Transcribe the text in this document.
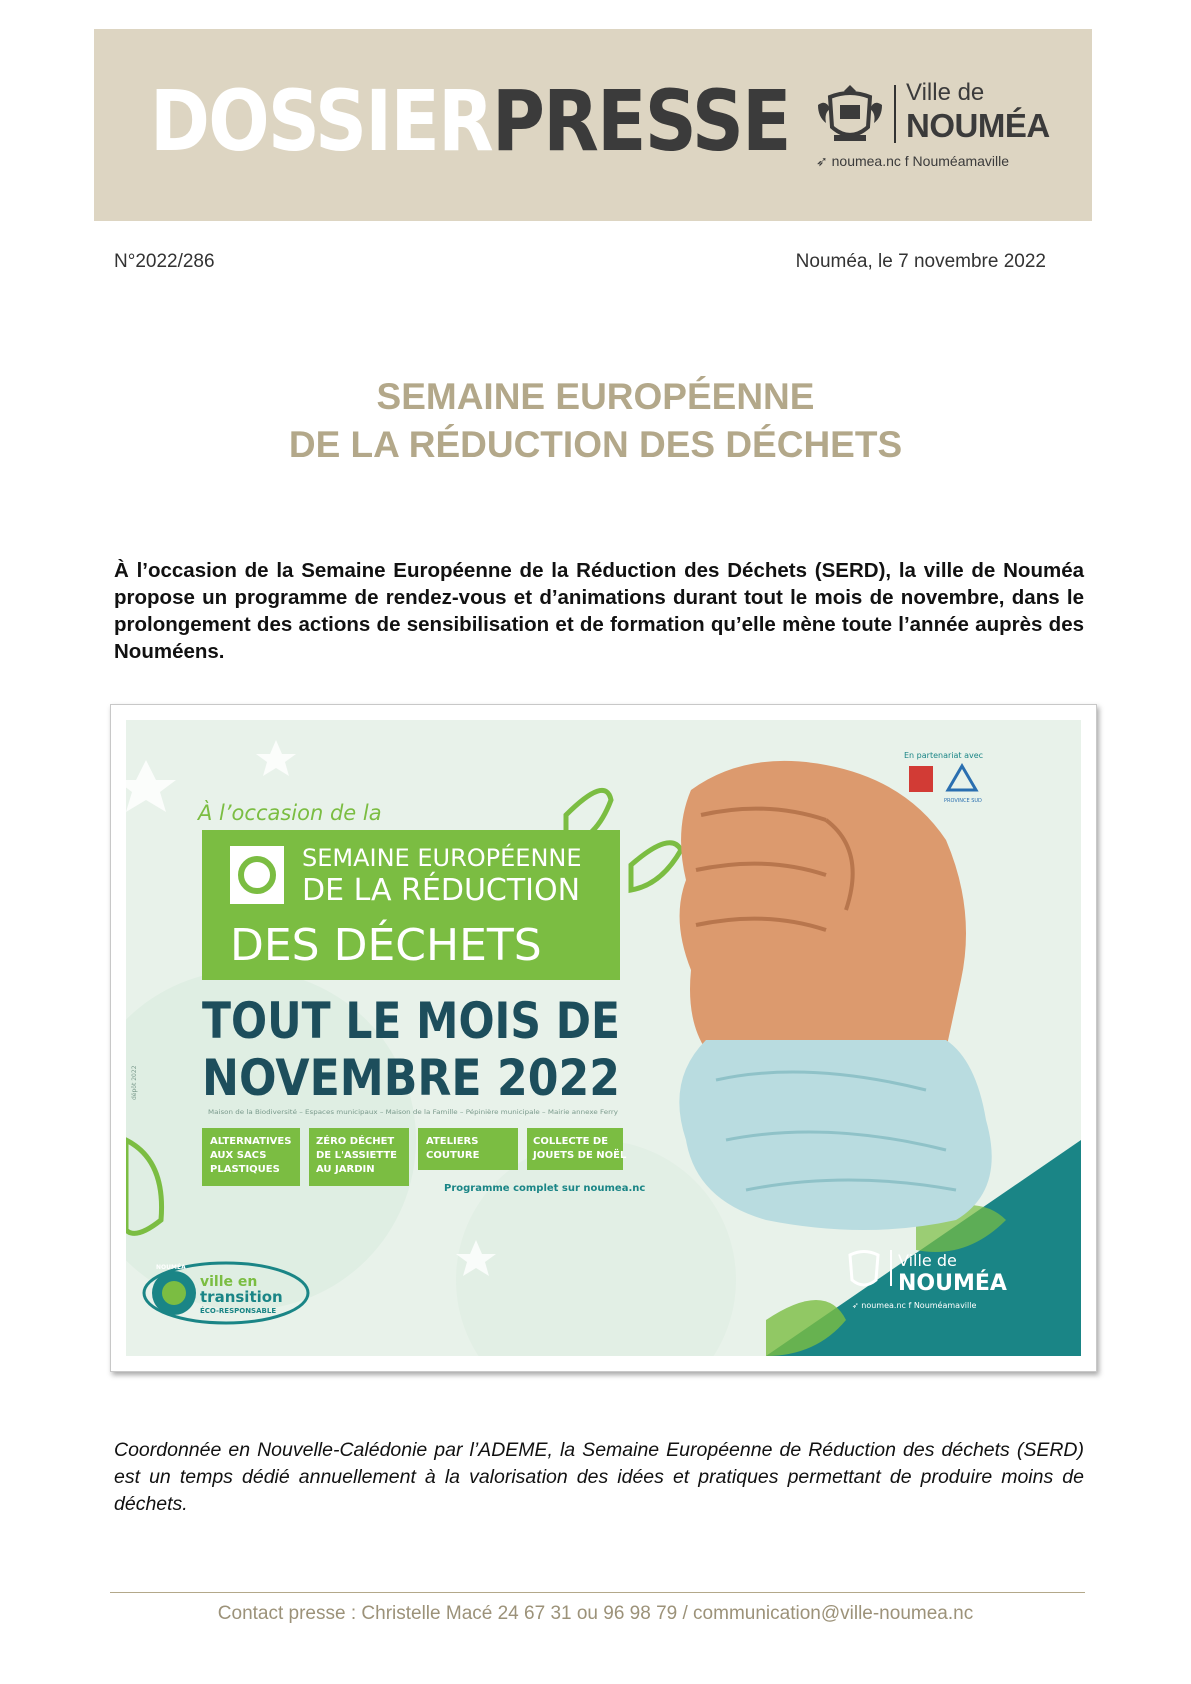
DOSSIERPRESSE	Ville de
NOUMÉA
➶ noumea.nc f Nouméamaville
N°2022/286	Nouméa, le 7 novembre 2022
SEMAINE EUROPÉENNE
DE LA RÉDUCTION DES DÉCHETS
À l’occasion de la Semaine Européenne de la Réduction des Déchets (SERD), la ville de Nouméa propose un programme de rendez-vous et d’animations durant tout le mois de novembre, dans le prolongement des actions de sensibilisation et de formation qu’elle mène toute l’année auprès des Nouméens.
À l’occasion de la
SEMAINE EUROPÉENNE
DE LA RÉDUCTION
DES DÉCHETS
TOUT LE MOIS DE
NOVEMBRE 2022
Maison de la Biodiversité – Espaces municipaux – Maison de la Famille – Pépinière municipale – Mairie annexe Ferry
ALTERNATIVES
AUX SACS
PLASTIQUES
ZÉRO DÉCHET
DE L'ASSIETTE
AU JARDIN
ATELIERS
COUTURE
COLLECTE DE
JOUETS DE NOËL
Programme complet sur noumea.nc
En partenariat avec
PROVINCE SUD
NOUMÉA
ville en
transition
ÉCO-RESPONSABLE
dépôt 2022
Ville de
NOUMÉA
➶ noumea.nc f Nouméamaville
Coordonnée en Nouvelle-Calédonie par l’ADEME, la Semaine Européenne de Réduction des déchets (SERD) est un temps dédié annuellement à la valorisation des idées et pratiques permettant de produire moins de déchets.
Contact presse : Christelle Macé 24 67 31 ou 96 98 79 / communication@ville-noumea.nc
